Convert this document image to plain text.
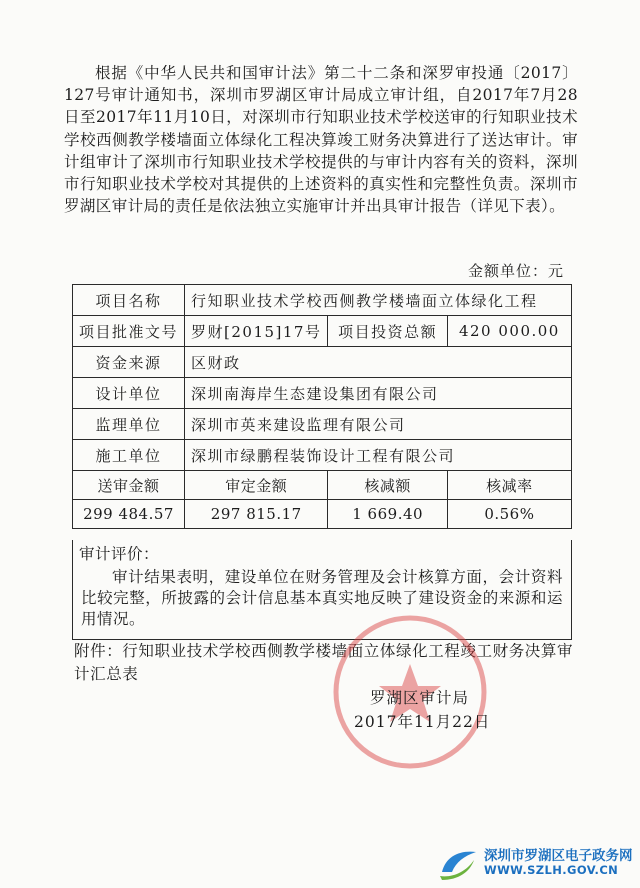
根据《中华人民共和国审计法》第二十二条和深罗审投通〔2017〕127号审计通知书，深圳市罗湖区审计局成立审计组，自2017年7月28日至2017年11月10日，对深圳市行知职业技术学校送审的行知职业技术学校西侧教学楼墙面立体绿化工程决算竣工财务决算进行了送达审计。审计组审计了深圳市行知职业技术学校提供的与审计内容有关的资料，深圳市行知职业技术学校对其提供的上述资料的真实性和完整性负责。深圳市罗湖区审计局的责任是依法独立实施审计并出具审计报告（详见下表）。
金额单位：元
项目名称	行知职业技术学校西侧教学楼墙面立体绿化工程		
项目批准文号	罗财[2015]17号	项目投资总额	420 000.00
资金来源	区财政		
设计单位	深圳南海岸生态建设集团有限公司		
监理单位	深圳市英来建设监理有限公司		
施工单位	深圳市绿鹏程装饰设计工程有限公司		
送审金额	审定金额	核减额	核减率
299 484.57	297 815.17	1 669.40	0.56%
审计评价：
审计结果表明，建设单位在财务管理及会计核算方面，会计资料比较完整，所披露的会计信息基本真实地反映了建设资金的来源和运用情况。
附件：行知职业技术学校西侧教学楼墙面立体绿化工程竣工财务决算审计汇总表
罗湖区审计局
2017年11月22日
深圳市罗湖区电子政务网
WWW.SZLH.GOV.CN
